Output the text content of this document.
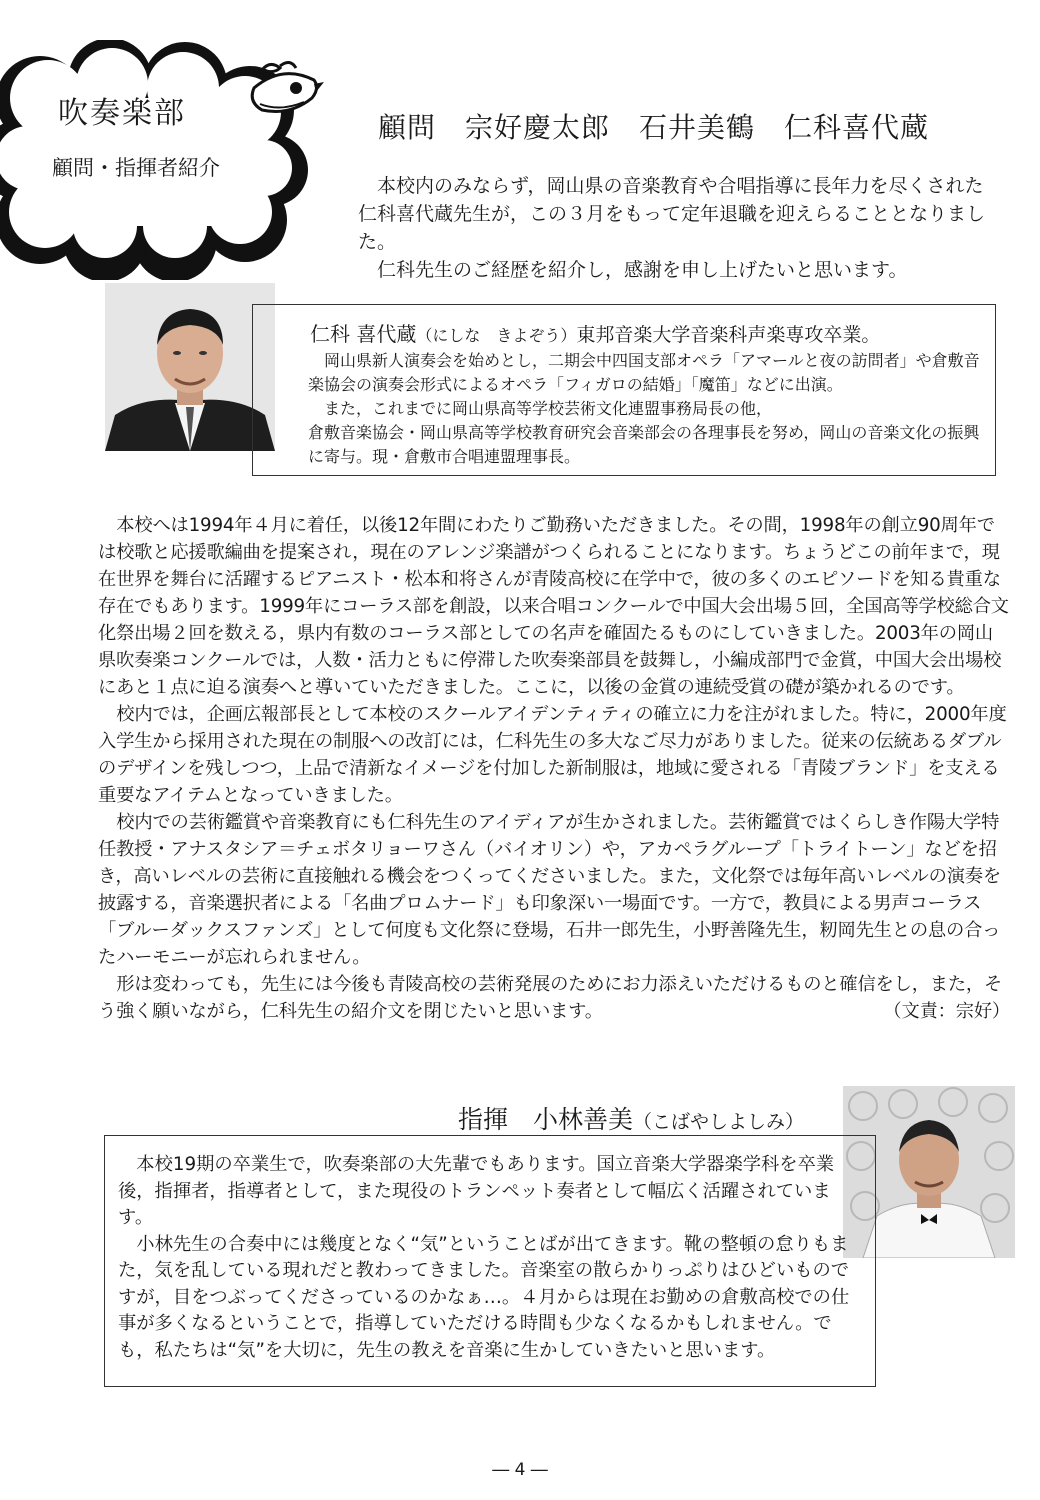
吹奏楽部
顧問・指揮者紹介
顧問　宗好慶太郎　石井美鶴　仁科喜代蔵

本校内のみならず，岡山県の音楽教育や合唱指導に長年力を尽くされた仁科喜代蔵先生が，この３月をもって定年退職を迎えらることとなりました。

仁科先生のご経歴を紹介し，感謝を申し上げたいと思います。

仁科 喜代蔵（にしな　きよぞう）東邦音楽大学音楽科声楽専攻卒業。

岡山県新人演奏会を始めとし，二期会中四国支部オペラ「アマールと夜の訪問者」や倉敷音楽協会の演奏会形式によるオペラ「フィガロの結婚」「魔笛」などに出演。

また，これまでに岡山県高等学校芸術文化連盟事務局長の他，

倉敷音楽協会・岡山県高等学校教育研究会音楽部会の各理事長を努め，岡山の音楽文化の振興に寄与。現・倉敷市合唱連盟理事長。

本校へは1994年４月に着任，以後12年間にわたりご勤務いただきました。その間，1998年の創立90周年では校歌と応援歌編曲を提案され，現在のアレンジ楽譜がつくられることになります。ちょうどこの前年まで，現在世界を舞台に活躍するピアニスト・松本和将さんが青陵高校に在学中で，彼の多くのエピソードを知る貴重な存在でもあります。1999年にコーラス部を創設，以来合唱コンクールで中国大会出場５回，全国高等学校総合文化祭出場２回を数える，県内有数のコーラス部としての名声を確固たるものにしていきました。2003年の岡山県吹奏楽コンクールでは，人数・活力ともに停滞した吹奏楽部員を鼓舞し，小編成部門で金賞，中国大会出場校にあと１点に迫る演奏へと導いていただきました。ここに，以後の金賞の連続受賞の礎が築かれるのです。

校内では，企画広報部長として本校のスクールアイデンティティの確立に力を注がれました。特に，2000年度入学生から採用された現在の制服への改訂には，仁科先生の多大なご尽力がありました。従来の伝統あるダブルのデザインを残しつつ，上品で清新なイメージを付加した新制服は，地域に愛される「青陵ブランド」を支える重要なアイテムとなっていきました。

校内での芸術鑑賞や音楽教育にも仁科先生のアイディアが生かされました。芸術鑑賞ではくらしき作陽大学特任教授・アナスタシア＝チェボタリョーワさん（バイオリン）や，アカペラグループ「トライトーン」などを招き，高いレベルの芸術に直接触れる機会をつくってくださいました。また，文化祭では毎年高いレベルの演奏を披露する，音楽選択者による「名曲プロムナード」も印象深い一場面です。一方で，教員による男声コーラス「ブルーダックスファンズ」として何度も文化祭に登場，石井一郎先生，小野善隆先生，籾岡先生との息の合ったハーモニーが忘れられません。

形は変わっても，先生には今後も青陵高校の芸術発展のためにお力添えいただけるものと確信をし，また，そう強く願いながら，仁科先生の紹介文を閉じたいと思います。	（文責：宗好）

指揮　 小林善美（こばやしよしみ）

本校19期の卒業生で，吹奏楽部の大先輩でもあります。国立音楽大学器楽学科を卒業後，指揮者，指導者として，また現役のトランペット奏者として幅広く活躍されています。

小林先生の合奏中には幾度となく“気”ということばが出てきます。靴の整頓の怠りもまた，気を乱している現れだと教わってきました。音楽室の散らかりっぷりはひどいものですが，目をつぶってくださっているのかなぁ…。４月からは現在お勤めの倉敷高校での仕事が多くなるということで，指導していただける時間も少なくなるかもしれません。でも，私たちは“気”を大切に，先生の教えを音楽に生かしていきたいと思います。

― 4 ―
